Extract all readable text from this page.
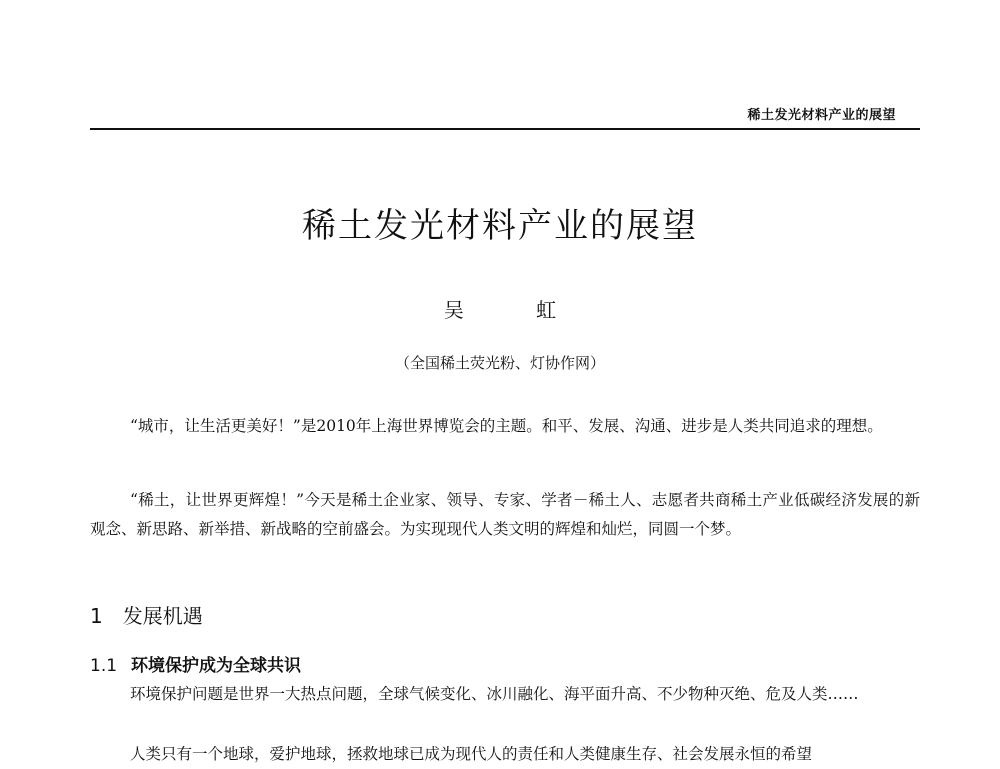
稀土发光材料产业的展望
稀土发光材料产业的展望
吴 虹
（全国稀土荧光粉、灯协作网）

“城市，让生活更美好！”是2010年上海世界博览会的主题。和平、发展、沟通、进步是人类共同追求的理想。

“稀土，让世界更辉煌！”今天是稀土企业家、领导、专家、学者－稀土人、志愿者共商稀土产业低碳经济发展的新观念、新思路、新举措、新战略的空前盛会。为实现现代人类文明的辉煌和灿烂，同圆一个梦。

1 发展机遇
1.1 环境保护成为全球共识

环境保护问题是世界一大热点问题，全球气候变化、冰川融化、海平面升高、不少物种灭绝、危及人类……

人类只有一个地球，爱护地球，拯救地球已成为现代人的责任和人类健康生存、社会发展永恒的希望
